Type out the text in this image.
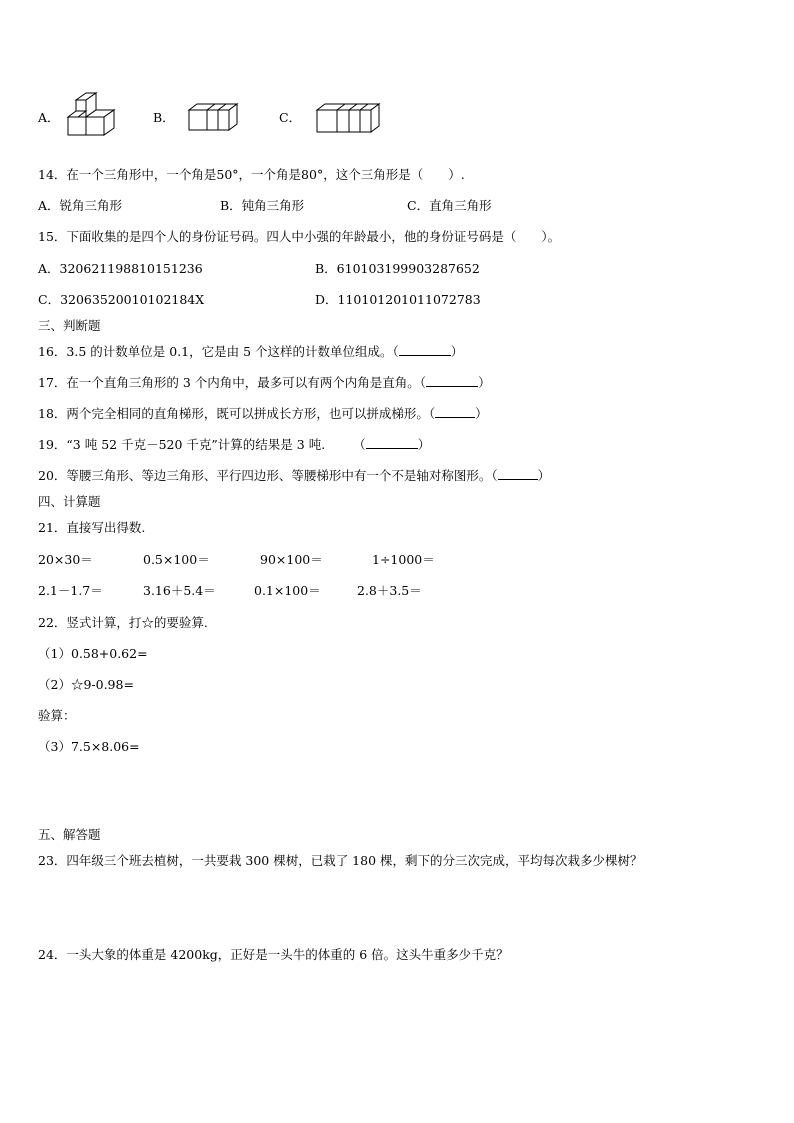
A．	B．	C．
14．在一个三角形中，一个角是50°，一个角是80°，这个三角形是（　　）.
A．锐角三角形	B．钝角三角形	C．直角三角形
15．下面收集的是四个人的身份证号码。四人中小强的年龄最小，他的身份证号码是（　　）。
A．320621198810151236	B．610103199903287652
C．32063520010102184X	D．110101201011072783
三、判断题
16．3.5 的计数单位是 0.1，它是由 5 个这样的计数单位组成。（	）
17．在一个直角三角形的 3 个内角中，最多可以有两个内角是直角。（	）
18．两个完全相同的直角梯形，既可以拼成长方形，也可以拼成梯形。（	）
19．“3 吨 52 千克－520 千克”计算的结果是 3 吨. （	）
20．等腰三角形、等边三角形、平行四边形、等腰梯形中有一个不是轴对称图形。（	）
四、计算题
21．直接写出得数.
20×30＝	0.5×100＝	90×100＝	1÷1000＝
2.1－1.7＝	3.16＋5.4＝	0.1×100＝	2.8＋3.5＝
22．竖式计算，打☆的要验算.
（1）0.58+0.62=
（2）☆9-0.98=
验算：
（3）7.5×8.06=
五、解答题
23．四年级三个班去植树，一共要栽 300 棵树，已栽了 180 棵，剩下的分三次完成，平均每次栽多少棵树？
24．一头大象的体重是 4200kg，正好是一头牛的体重的 6 倍。这头牛重多少千克？
